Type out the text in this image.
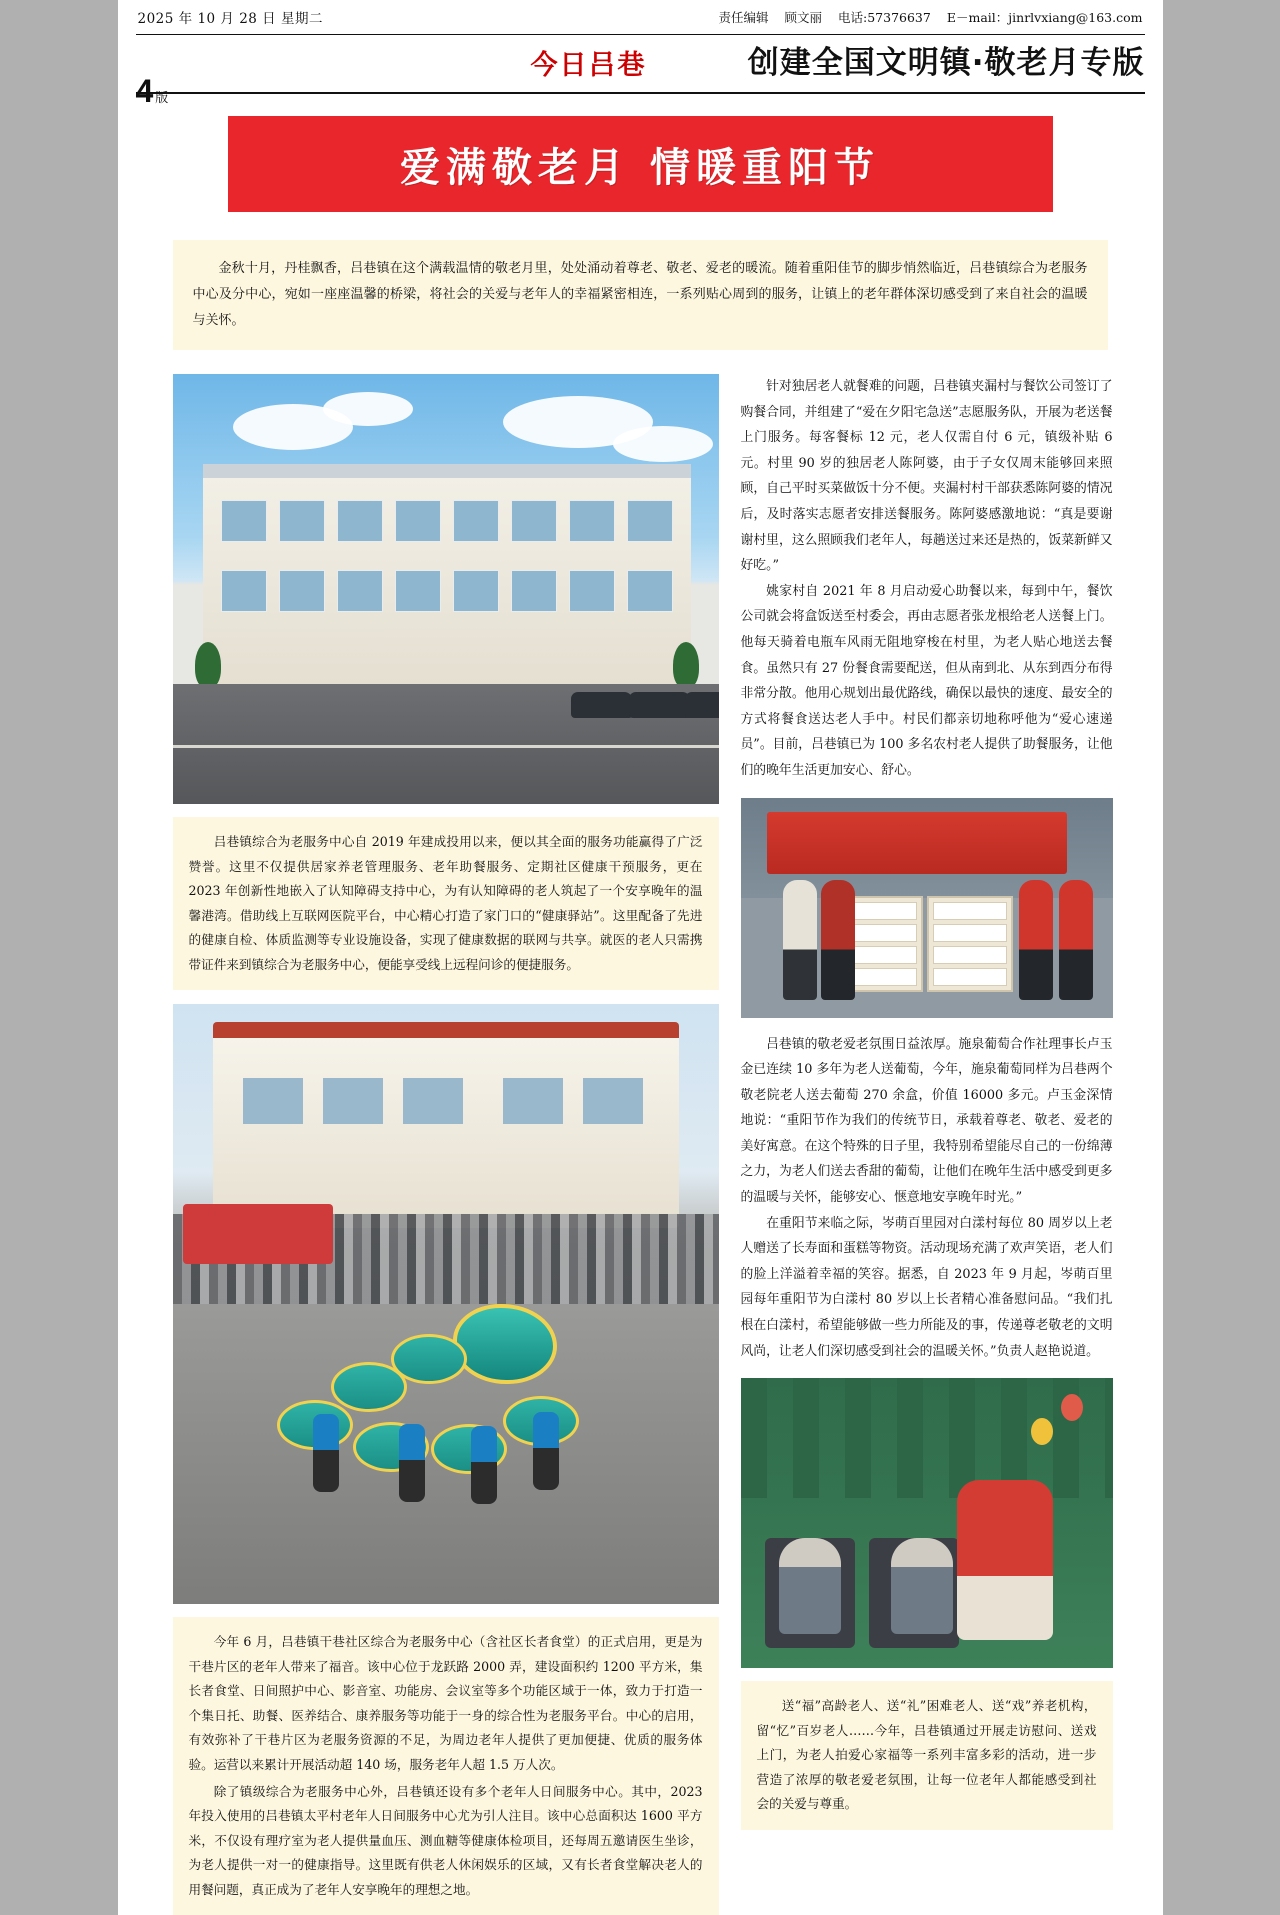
2025 年 10 月 28 日 星期二	责任编辑 顾文丽 电话:57376637 E－mail：jinrlvxiang@163.com
4 版
今日吕巷	创建全国文明镇·敬老月专版
爱满敬老月 情暖重阳节
金秋十月，丹桂飘香，吕巷镇在这个满载温情的敬老月里，处处涌动着尊老、敬老、爱老的暖流。随着重阳佳节的脚步悄然临近，吕巷镇综合为老服务中心及分中心，宛如一座座温馨的桥梁，将社会的关爱与老年人的幸福紧密相连，一系列贴心周到的服务，让镇上的老年群体深切感受到了来自社会的温暖与关怀。

吕巷镇综合为老服务中心自 2019 年建成投用以来，便以其全面的服务功能赢得了广泛赞誉。这里不仅提供居家养老管理服务、老年助餐服务、定期社区健康干预服务，更在 2023 年创新性地嵌入了认知障碍支持中心，为有认知障碍的老人筑起了一个安享晚年的温馨港湾。借助线上互联网医院平台，中心精心打造了家门口的“健康驿站”。这里配备了先进的健康自检、体质监测等专业设施设备，实现了健康数据的联网与共享。就医的老人只需携带证件来到镇综合为老服务中心，便能享受线上远程问诊的便捷服务。

今年 6 月，吕巷镇干巷社区综合为老服务中心（含社区长者食堂）的正式启用，更是为干巷片区的老年人带来了福音。该中心位于龙跃路 2000 弄，建设面积约 1200 平方米，集长者食堂、日间照护中心、影音室、功能房、会议室等多个功能区域于一体，致力于打造一个集日托、助餐、医养结合、康养服务等功能于一身的综合性为老服务平台。中心的启用，有效弥补了干巷片区为老服务资源的不足，为周边老年人提供了更加便捷、优质的服务体验。运营以来累计开展活动超 140 场，服务老年人超 1.5 万人次。

除了镇级综合为老服务中心外，吕巷镇还设有多个老年人日间服务中心。其中，2023 年投入使用的吕巷镇太平村老年人日间服务中心尤为引人注目。该中心总面积达 1600 平方米，不仅设有理疗室为老人提供量血压、测血糖等健康体检项目，还每周五邀请医生坐诊，为老人提供一对一的健康指导。这里既有供老人休闲娱乐的区域，又有长者食堂解决老人的用餐问题，真正成为了老年人安享晚年的理想之地。

针对独居老人就餐难的问题，吕巷镇夹漏村与餐饮公司签订了购餐合同，并组建了“爱在夕阳宅急送”志愿服务队，开展为老送餐上门服务。每客餐标 12 元，老人仅需自付 6 元，镇级补贴 6 元。村里 90 岁的独居老人陈阿婆，由于子女仅周末能够回来照顾，自己平时买菜做饭十分不便。夹漏村村干部获悉陈阿婆的情况后，及时落实志愿者安排送餐服务。陈阿婆感激地说：“真是要谢谢村里，这么照顾我们老年人，每趟送过来还是热的，饭菜新鲜又好吃。”

姚家村自 2021 年 8 月启动爱心助餐以来，每到中午，餐饮公司就会将盒饭送至村委会，再由志愿者张龙根给老人送餐上门。他每天骑着电瓶车风雨无阻地穿梭在村里，为老人贴心地送去餐食。虽然只有 27 份餐食需要配送，但从南到北、从东到西分布得非常分散。他用心规划出最优路线，确保以最快的速度、最安全的方式将餐食送达老人手中。村民们都亲切地称呼他为“爱心速递员”。目前，吕巷镇已为 100 多名农村老人提供了助餐服务，让他们的晚年生活更加安心、舒心。

吕巷镇的敬老爱老氛围日益浓厚。施泉葡萄合作社理事长卢玉金已连续 10 多年为老人送葡萄，今年，施泉葡萄同样为吕巷两个敬老院老人送去葡萄 270 余盒，价值 16000 多元。卢玉金深情地说：“重阳节作为我们的传统节日，承载着尊老、敬老、爱老的美好寓意。在这个特殊的日子里，我特别希望能尽自己的一份绵薄之力，为老人们送去香甜的葡萄，让他们在晚年生活中感受到更多的温暖与关怀，能够安心、惬意地安享晚年时光。”

在重阳节来临之际，岑萌百里园对白漾村每位 80 周岁以上老人赠送了长寿面和蛋糕等物资。活动现场充满了欢声笑语，老人们的脸上洋溢着幸福的笑容。据悉，自 2023 年 9 月起，岑萌百里园每年重阳节为白漾村 80 岁以上长者精心准备慰问品。“我们扎根在白漾村，希望能够做一些力所能及的事，传递尊老敬老的文明风尚，让老人们深切感受到社会的温暖关怀。”负责人赵艳说道。

送“福”高龄老人、送“礼”困难老人、送“戏”养老机构，留“忆”百岁老人……今年，吕巷镇通过开展走访慰问、送戏上门，为老人拍爱心家福等一系列丰富多彩的活动，进一步营造了浓厚的敬老爱老氛围，让每一位老年人都能感受到社会的关爱与尊重。
